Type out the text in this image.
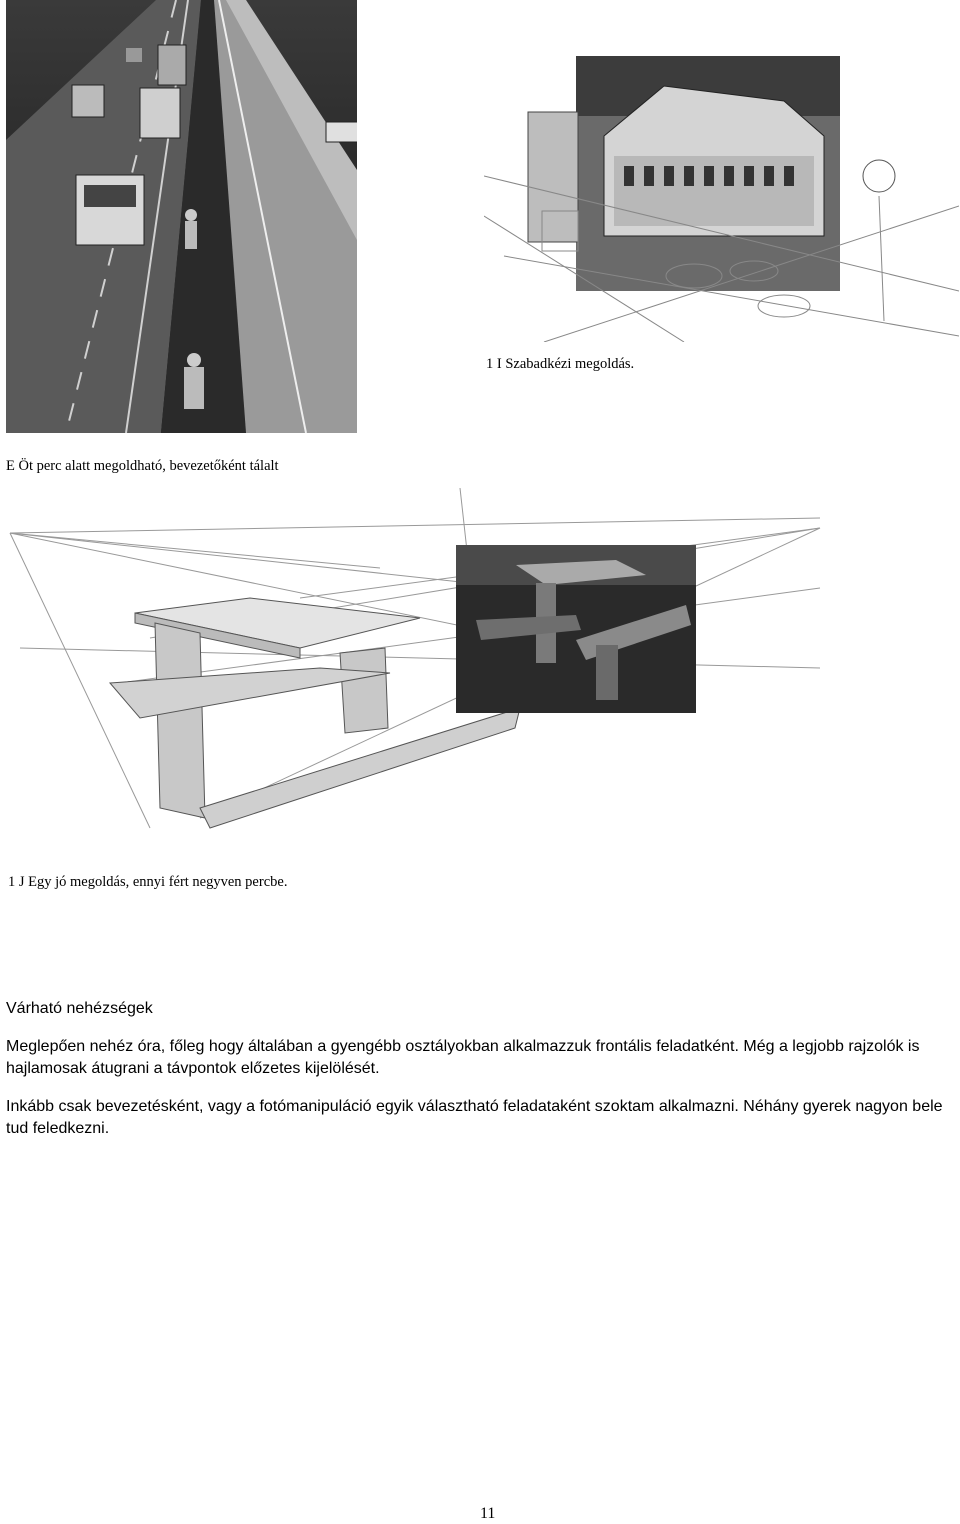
1 I Szabadkézi megoldás.
E Öt perc alatt megoldható, bevezetőként tálalt
1 J Egy jó megoldás, ennyi fért negyven percbe.
Várható nehézségek
Meglepően nehéz óra, főleg hogy általában a gyengébb osztályokban alkalmazzuk frontális feladatként. Még a legjobb rajzolók is hajlamosak átugrani a távpontok előzetes kijelölését.
Inkább csak bevezetésként, vagy a fotómanipuláció egyik választható feladataként szoktam alkalmazni. Néhány gyerek nagyon bele tud feledkezni.
11
